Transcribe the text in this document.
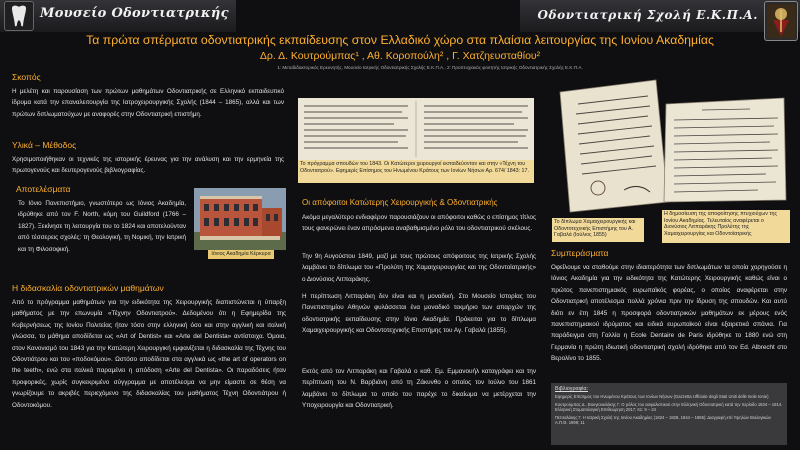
Μουσείο Οδοντιατρικής	Οδοντιατρική Σχολή Ε.Κ.Π.Α.
Τα πρώτα σπέρματα οδοντιατρικής εκπαίδευσης στον Ελλαδικό χώρο στα πλαίσια λειτουργίας της Ιονίου Ακαδημίας
Δρ. Δ. Κουτρούμπας¹ , Αθ. Κοροπούλη² , Γ. Χατζηευσταθίου²
1: Μεταδιδακτορικός Ερευνητής, Μουσείο Ιατρικής Οδοντιατρικής Σχολής Ε.Κ.Π.Α., 2: Προπτυχιακός φοιτητής Ιατρικής Οδοντιατρικής Σχολής Ε.Κ.Π.Α.
Σκοπός
Η μελέτη και παρουσίαση των πρώτων μαθημάτων Οδοντιατρικής σε Ελληνικό εκπαιδευτικό ίδρυμα κατά την επαναλειτουργία της Ιατροχειρουργικής Σχολής (1844 – 1865), αλλά και των πρώτων διπλωματούχων με αναφορές στην Οδοντιατρική επιστήμη.
Υλικά – Μέθοδος
Χρησιμοποιήθηκαν οι τεχνικές της ιστορικής έρευνας για την ανάλυση και την ερμηνεία της πρωτογενούς και δευτερογενούς βιβλιογραφίας.
Αποτελέσματα
Το Ιόνιο Πανεπιστήμιο, γνωστότερο ως Ιόνιος Ακαδημία, ιδρύθηκε από τον F. North, κόμη του Guildford (1766 – 1827). Ξεκίνησε τη λειτουργία του το 1824 και αποτελούνταν από τέσσερεις σχολές: τη Θεολογική, τη Νομική, την Ιατρική και τη Φιλοσοφική.
Ιόνιος Ακαδημία Κέρκυρα
Η διδασκαλία οδοντιατρικών μαθημάτων
Από το πρόγραμμα μαθημάτων για την ειδικότητα της Χειρουργικής διαπιστώνεται η ύπαρξη μαθήματος με την επωνυμία «Τέχνην Οδοντιατρού». Δεδομένου ότι η Εφημερίδα της Κυβερνήσεως της Ιονίου Πολιτείας ήταν τόσο στην ελληνική όσο και στην αγγλική και ιταλική γλώσσα, το μάθημα αποδίδεται ως «Art of Dentist» και «Arte del Dentista» αντίστοιχα. Όμοια, στον Κανονισμό του 1843 για την Κατώτερη Χειρουργική εμφανίζεται η διδασκαλία της Τέχνης του Οδοντιάτρου και του «ποδοκόμου». Ωστόσο αποδίδεται στα αγγλικά ως «the art of operators on the teeth», ενώ στα ιταλικά παραμένει η απόδοση «Arte del Dentista». Οι παραδόσεις ήταν προφορικές, χωρίς συγκεκριμένο σύγγραμμα με αποτέλεσμα να μην είμαστε σε θέση να γνωρίζουμε το ακριβές περιεχόμενο της διδασκαλίας του μαθήματος Τέχνη Οδοντιάτρου ή Οδοντοκόμου.
Το πρόγραμμα σπουδών του 1843. Οι Κατώτεροι χειρουργοί εκπαιδεύονταν και στην «Τέχνη του Οδοντιατρού». Εφημερίς Επίσημος του Ηνωμένου Κράτους των Ιονίων Νήσων Αρ. 674/ 1843: 17.
Οι απόφοιτοι Κατώτερης Χειρουργικής & Οδοντιατρικής
Ακόμα μεγαλύτερο ενδιαφέρον παρουσιάζουν οι απόφοιτοι καθώς ο επίσημος τίτλος τους φανερώνει έναν απρόσμενα αναβαθμισμένο ρόλο του οδοντιατρικού σκέλους.
Την 9η Αυγούστου 1849, μαζί με τους πρώτους απόφοιτους της Ιατρικής Σχολής λαμβάνει το δίπλωμα του «Προλύτη της Χαμαιχειρουργίας και της Οδοντοϊατρικής» ο Διονύσιος Λιτπαράκης.
Η περίπτωση Λιτπαράκη δεν είναι και η μοναδική. Στο Μουσείο Ιστορίας του Πανεπιστημίου Αθηνών φυλάσσεται ένα μοναδικό τεκμήριο των απαρχών της οδοντιατρικής εκπαίδευσης στην Ιόνιο Ακαδημία. Πρόκειται για το δίπλωμα Χαμαιχειρουργικής και Οδοντοτεχνικής Επιστήμης του Αγ. Γαβαλά (1855).
Εκτός από τον Λιτπαράκη και Γαβαλά ο καθ. Εμ. Εμμανουήλ καταγράφει και την περίπτωση του Ν. Βαρβιάνη από τη Ζάκυνθο ο οποίος τον Ιούλιο του 1861 λαμβάνει το δίπλωμα το οποίο του παρέχε το δικαίωμα να μετέρχεται την Υποχειρουργία και Οδοντιατρική.
Το δίπλωμα Χαμαιχειρουργικής και Οδοντοτεχνικής Επιστήμης του Α. Γαβαλά (Ιούλιος 1855)
Η δημοσίευση της αποφοίτησης πτυχιούχων της Ιονίου Ακαδημίας. Τελευταίος αναφέρεται ο Διονύσιος Λιτπαράκης Προλύτης της Χαμαιχειρουργίας και Οδοντοϊατρικής
Συμπεράσματα
Οφείλουμε να σταθούμε στην ιδιαιτερότητα των διπλωμάτων τα οποία χορηγούσε η Ιόνιος Ακαδημία για την ειδικότητα της Κατώτερης Χειρουργικής καθώς είναι ο πρώτος πανεπιστημιακός ευρωπαϊκός φορέας, ο οποίος αναφέρεται στην Οδοντιατρική αποτέλεσμα πολλά χρόνια πριν την ίδρυση της σπουδών. Και αυτό διότι εν έτη 1845 η προσφορά οδοντιατρικών μαθημάτων εκ μέρους ενός πανεπιστημιακού ιδρύματος και ειδικά ευρωπαϊκού είναι εξαιρετικά σπάνια. Για παράδειγμα στη Γαλλία η Ecole Dentaire de Paris ιδρύθηκε το 1880 ενώ στη Γερμανία η πρώτη ιδιωτική οδοντιατρική σχολή ιδρύθηκε από τον Ed. Albrecht στο Βερολίνο το 1855.
Βιβλιογραφία:
Εφημερίς Επίσημος του Ηνωμένου Κράτους των Ιονίων Νήσων (Gazzetta Ufficiale degli Stati Uniti delle Isole Ionie)
Κουτρούμπας Δ., Βουγιουκλάκης Γ. Ο ρόλος του ασφαλιστικού στην Ελληνική Οδοντιατρική κατά την περίοδο 1834 – 1914. Ελληνική Στοματολογική Επιθεώρηση 2017; 61: 9 – 24
Πετσαλάκης Γ. Η Ιατρική Σχολή της Ιονίου Ακαδημίας (1824 – 1828, 1844 – 1865): Διαγραφή επί Υψηλών Βιολογικών Α.Π.Θ. 1999; 11
